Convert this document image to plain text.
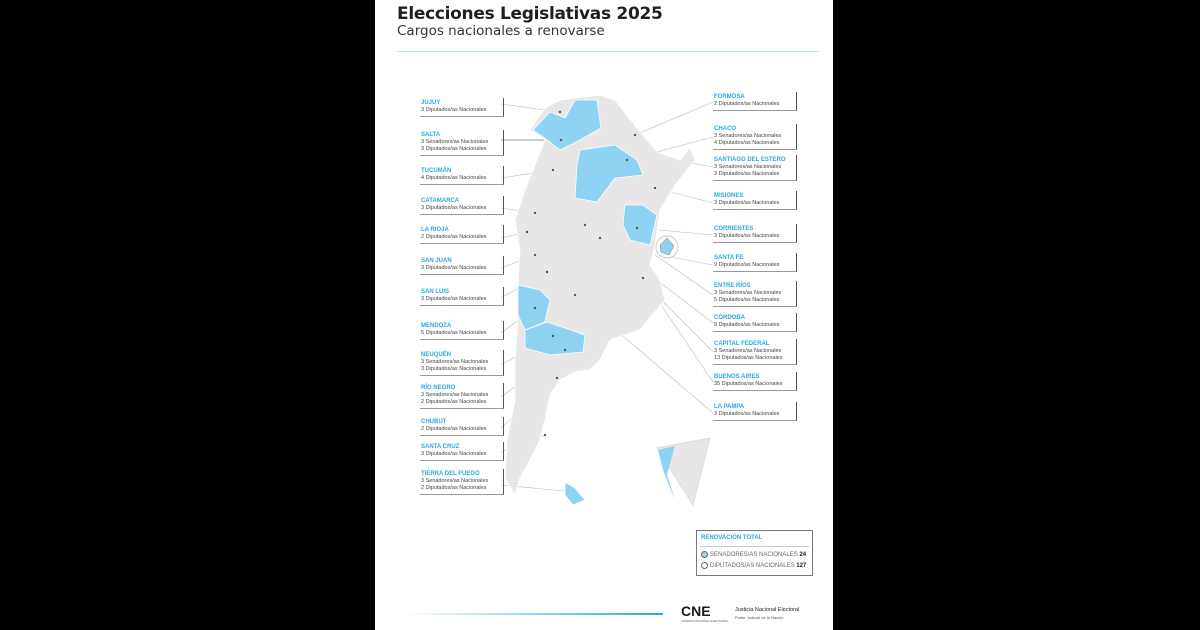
Elecciones Legislativas 2025
Cargos nacionales a renovarse
JUJUY
3 Diputados/as Nacionales
SALTA
3 Senadores/as Nacionales
3 Diputados/as Nacionales
TUCUMÁN
4 Diputados/as Nacionales
CATAMARCA
3 Diputados/as Nacionales
LA RIOJA
2 Diputados/as Nacionales
SAN JUAN
3 Diputados/as Nacionales
SAN LUIS
3 Diputados/as Nacionales
MENDOZA
5 Diputados/as Nacionales
NEUQUÉN
3 Senadores/as Nacionales
3 Diputados/as Nacionales
RÍO NEGRO
3 Senadores/as Nacionales
2 Diputados/as Nacionales
CHUBUT
2 Diputados/as Nacionales
SANTA CRUZ
3 Diputados/as Nacionales
TIERRA DEL FUEGO
3 Senadores/as Nacionales
2 Diputados/as Nacionales
FORMOSA
2 Diputados/as Nacionales
CHACO
3 Senadores/as Nacionales
4 Diputados/as Nacionales
SANTIAGO DEL ESTERO
3 Senadores/as Nacionales
3 Diputados/as Nacionales
MISIONES
3 Diputados/as Nacionales
CORRIENTES
3 Diputados/as Nacionales
SANTA FE
9 Diputados/as Nacionales
ENTRE RÍOS
3 Senadores/as Nacionales
5 Diputados/as Nacionales
CÓRDOBA
9 Diputados/as Nacionales
CAPITAL FEDERAL
3 Senadores/as Nacionales
13 Diputados/as Nacionales
BUENOS AIRES
35 Diputados/as Nacionales
LA PAMPA
3 Diputados/as Nacionales
RENOVACIÓN TOTAL
SENADORES/AS NACIONALES 24
DIPUTADOS/AS NACIONALES 127
CNE
CÁMARA NACIONAL ELECTORAL
Justicia Nacional Electoral
Poder Judicial de la Nación
